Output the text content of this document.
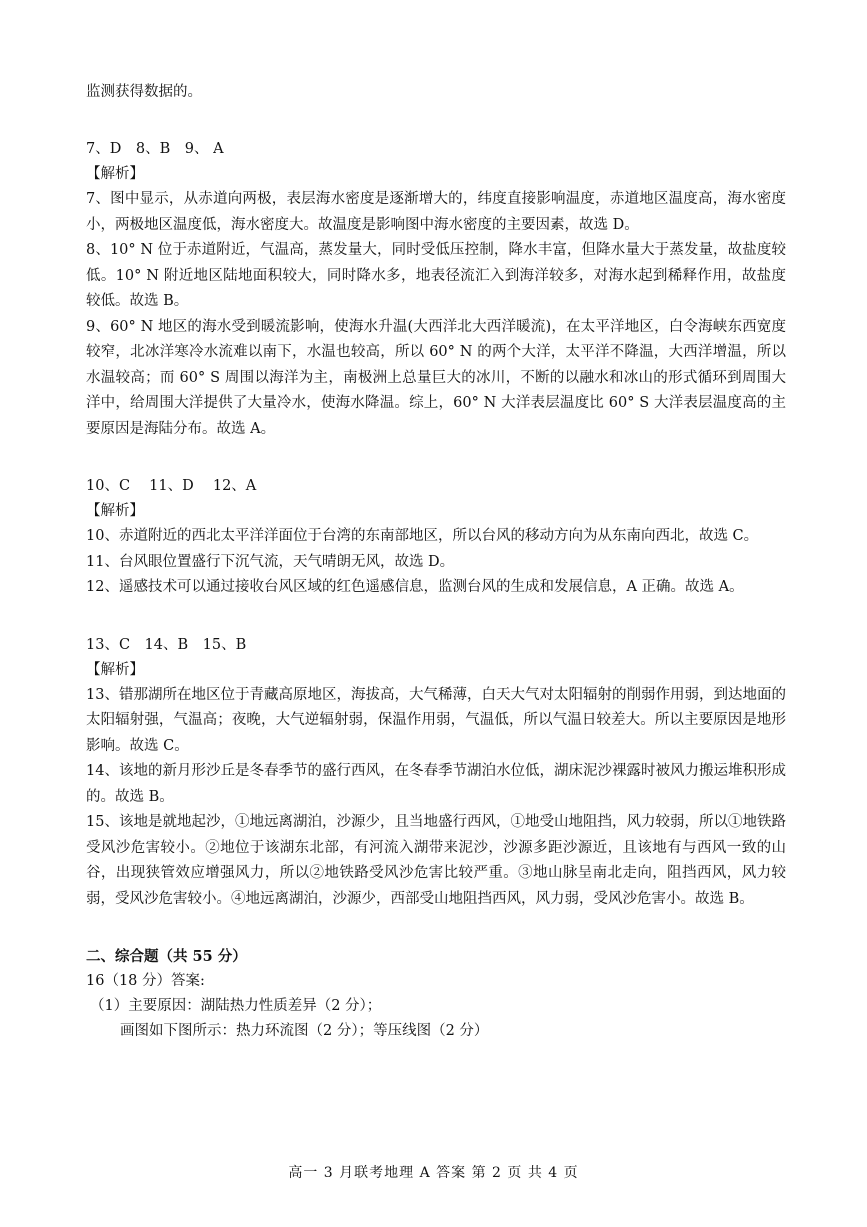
监测获得数据的。
7、D　8、B　9、 A
【解析】
7、图中显示，从赤道向两极，表层海水密度是逐渐增大的，纬度直接影响温度，赤道地区温度高，海水密度小，两极地区温度低，海水密度大。故温度是影响图中海水密度的主要因素，故选 D。
8、10° N 位于赤道附近，气温高，蒸发量大，同时受低压控制，降水丰富，但降水量大于蒸发量，故盐度较低。10° N 附近地区陆地面积较大，同时降水多，地表径流汇入到海洋较多，对海水起到稀释作用，故盐度较低。故选 B。
9、60° N 地区的海水受到暖流影响，使海水升温(大西洋北大西洋暖流)，在太平洋地区，白令海峡东西宽度较窄，北冰洋寒冷水流难以南下，水温也较高，所以 60° N 的两个大洋，太平洋不降温，大西洋增温，所以水温较高；而 60° S 周围以海洋为主，南极洲上总量巨大的冰川，不断的以融水和冰山的形式循环到周围大洋中，给周围大洋提供了大量冷水，使海水降温。综上，60° N 大洋表层温度比 60° S 大洋表层温度高的主要原因是海陆分布。故选 A。
10、C　 11、D　 12、A
【解析】
10、赤道附近的西北太平洋洋面位于台湾的东南部地区，所以台风的移动方向为从东南向西北，故选 C。
11、台风眼位置盛行下沉气流，天气晴朗无风，故选 D。
12、遥感技术可以通过接收台风区域的红色遥感信息，监测台风的生成和发展信息，A 正确。故选 A。
13、C　14、B　15、B
【解析】
13、错那湖所在地区位于青藏高原地区，海拔高，大气稀薄，白天大气对太阳辐射的削弱作用弱，到达地面的太阳辐射强，气温高；夜晚，大气逆辐射弱，保温作用弱，气温低，所以气温日较差大。所以主要原因是地形影响。故选 C。
14、该地的新月形沙丘是冬春季节的盛行西风，在冬春季节湖泊水位低，湖床泥沙裸露时被风力搬运堆积形成的。故选 B。
15、该地是就地起沙，①地远离湖泊，沙源少，且当地盛行西风，①地受山地阻挡，风力较弱，所以①地铁路受风沙危害较小。②地位于该湖东北部，有河流入湖带来泥沙，沙源多距沙源近，且该地有与西风一致的山谷，出现狭管效应增强风力，所以②地铁路受风沙危害比较严重。③地山脉呈南北走向，阻挡西风，风力较弱，受风沙危害较小。④地远离湖泊，沙源少，西部受山地阻挡西风，风力弱，受风沙危害小。故选 B。
二、综合题（共 55 分）
16（18 分）答案:
（1）主要原因：湖陆热力性质差异（2 分）；
画图如下图所示：热力环流图（2 分）；等压线图（2 分）
高一 3 月联考地理 A 答案 第 2 页 共 4 页
